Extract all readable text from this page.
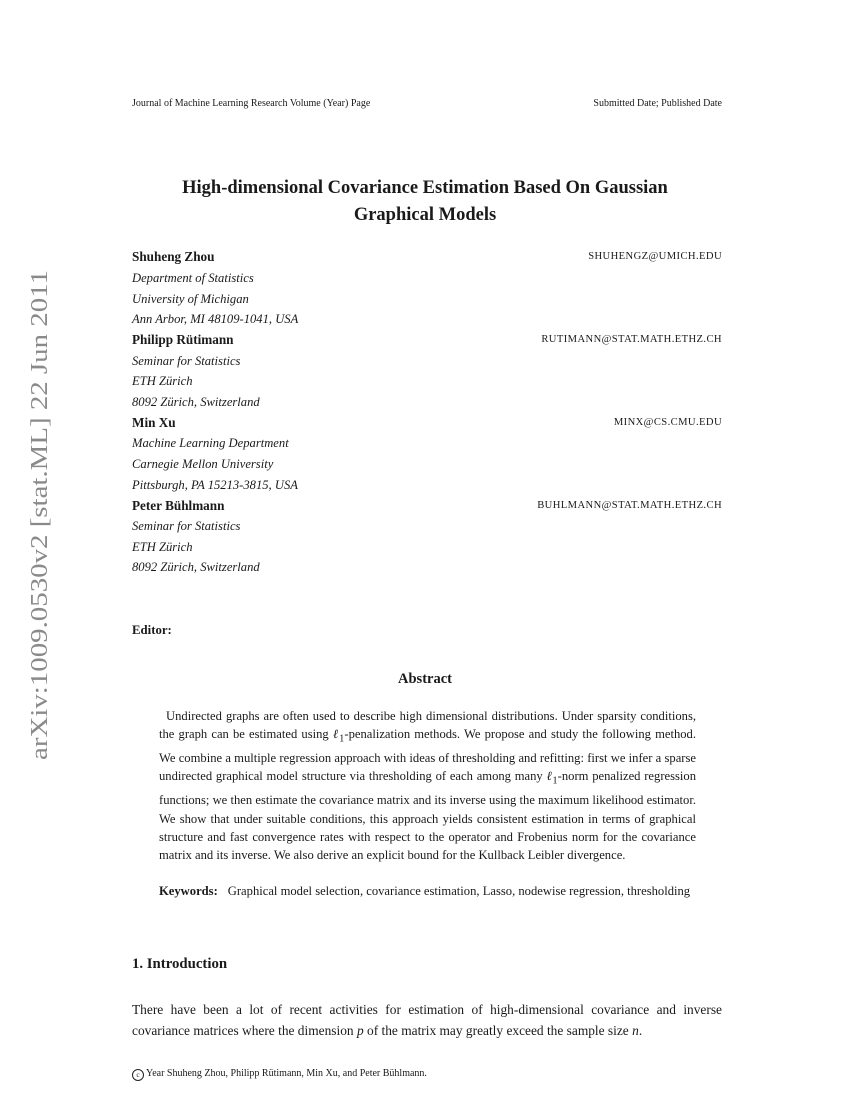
Journal of Machine Learning Research Volume (Year) Page	Submitted Date; Published Date
arXiv:1009.0530v2 [stat.ML] 22 Jun 2011
High-dimensional Covariance Estimation Based On Gaussian
Graphical Models
Shuheng Zhou	SHUHENGZ@UMICH.EDU
Department of Statistics
University of Michigan
Ann Arbor, MI 48109-1041, USA
Philipp Rütimann	RUTIMANN@STAT.MATH.ETHZ.CH
Seminar for Statistics
ETH Zürich
8092 Zürich, Switzerland
Min Xu	MINX@CS.CMU.EDU
Machine Learning Department
Carnegie Mellon University
Pittsburgh, PA 15213-3815, USA
Peter Bühlmann	BUHLMANN@STAT.MATH.ETHZ.CH
Seminar for Statistics
ETH Zürich
8092 Zürich, Switzerland
Editor:
Abstract
Undirected graphs are often used to describe high dimensional distributions. Under sparsity conditions, the graph can be estimated using ℓ$_1$-penalization methods. We propose and study the following method. We combine a multiple regression approach with ideas of thresholding and refitting: first we infer a sparse undirected graphical model structure via thresholding of each among many ℓ$_1$-norm penalized regression functions; we then estimate the covariance matrix and its inverse using the maximum likelihood estimator. We show that under suitable conditions, this approach yields consistent estimation in terms of graphical structure and fast convergence rates with respect to the operator and Frobenius norm for the covariance matrix and its inverse. We also derive an explicit bound for the Kullback Leibler divergence.
Keywords: Graphical model selection, covariance estimation, Lasso, nodewise regression, thresholding
1. Introduction
There have been a lot of recent activities for estimation of high-dimensional covariance and inverse covariance matrices where the dimension p of the matrix may greatly exceed the sample size n.
c Year Shuheng Zhou, Philipp Rütimann, Min Xu, and Peter Bühlmann.
